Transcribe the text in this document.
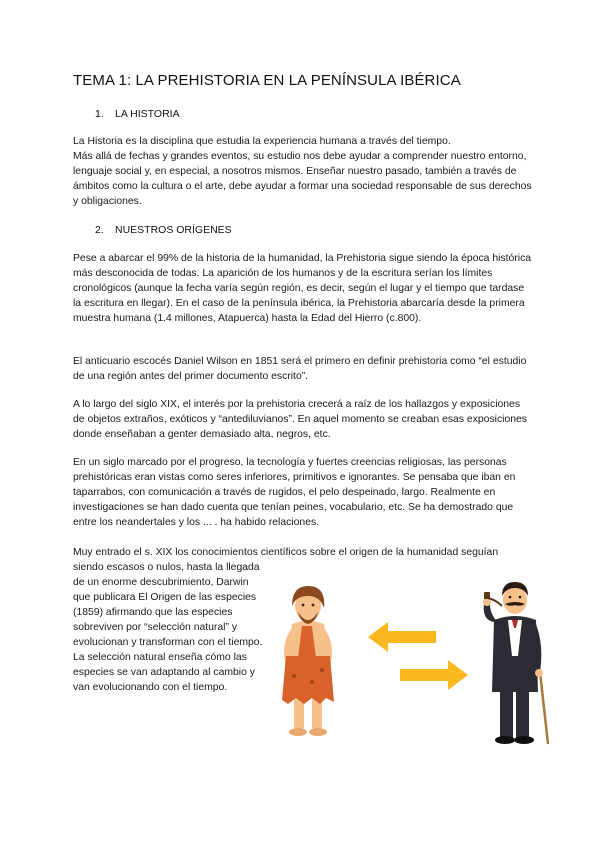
TEMA 1: LA PREHISTORIA EN LA PENÍNSULA IBÉRICA
1. LA HISTORIA

La Historia es la disciplina que estudia la experiencia humana a través del tiempo.

Más allá de fechas y grandes eventos, su estudio nos debe ayudar a comprender nuestro entorno, lenguaje social y, en especial, a nosotros mismos. Enseñar nuestro pasado, también a través de ámbitos como la cultura o el arte, debe ayudar a formar una sociedad responsable de sus derechos y obligaciones.

2. NUESTROS ORÍGENES
Pese a abarcar el 99% de la historia de la humanidad, la Prehistoria sigue siendo la época histórica más desconocida de todas. La aparición de los humanos y de la escritura serían los límites cronológicos (aunque la fecha varía según región, es decir, según el lugar y el tiempo que tardase la escritura en llegar). En el caso de la península ibérica, la Prehistoria abarcaría desde la primera muestra humana (1.4 millones, Atapuerca) hasta la Edad del Hierro (c.800).
El anticuario escocés Daniel Wilson en 1851 será el primero en definir prehistoria como “el estudio de una región antes del primer documento escrito”.
A lo largo del siglo XIX, el interés por la prehistoria crecerá a raíz de los hallazgos y exposiciones de objetos extraños, exóticos y “antediluvianos”. En aquel momento se creaban esas exposiciones donde enseñaban a genter demasiado alta, negros, etc.
En un siglo marcado por el progreso, la tecnología y fuertes creencias religiosas, las personas prehistóricas eran vistas como seres inferiores, primitivos e ignorantes. Se pensaba que iban en taparrabos, con comunicación a través de rugidos, el pelo despeinado, largo. Realmente en investigaciones se han dado cuenta que tenían peines, vocabulario, etc. Se ha demostrado que entre los neandertales y los ... . ha habido relaciones.
Muy entrado el s. XIX los conocimientos científicos sobre el origen de la humanidad seguían
siendo escasos o nulos, hasta la llegada de un enorme descubrimiento, Darwin que publicara El Origen de las especies (1859) afirmando que las especies sobreviven por “selección natural” y evolucionan y transforman con el tiempo. La selección natural enseña cómo las especies se van adaptando al cambio y van evolucionando con el tiempo.
